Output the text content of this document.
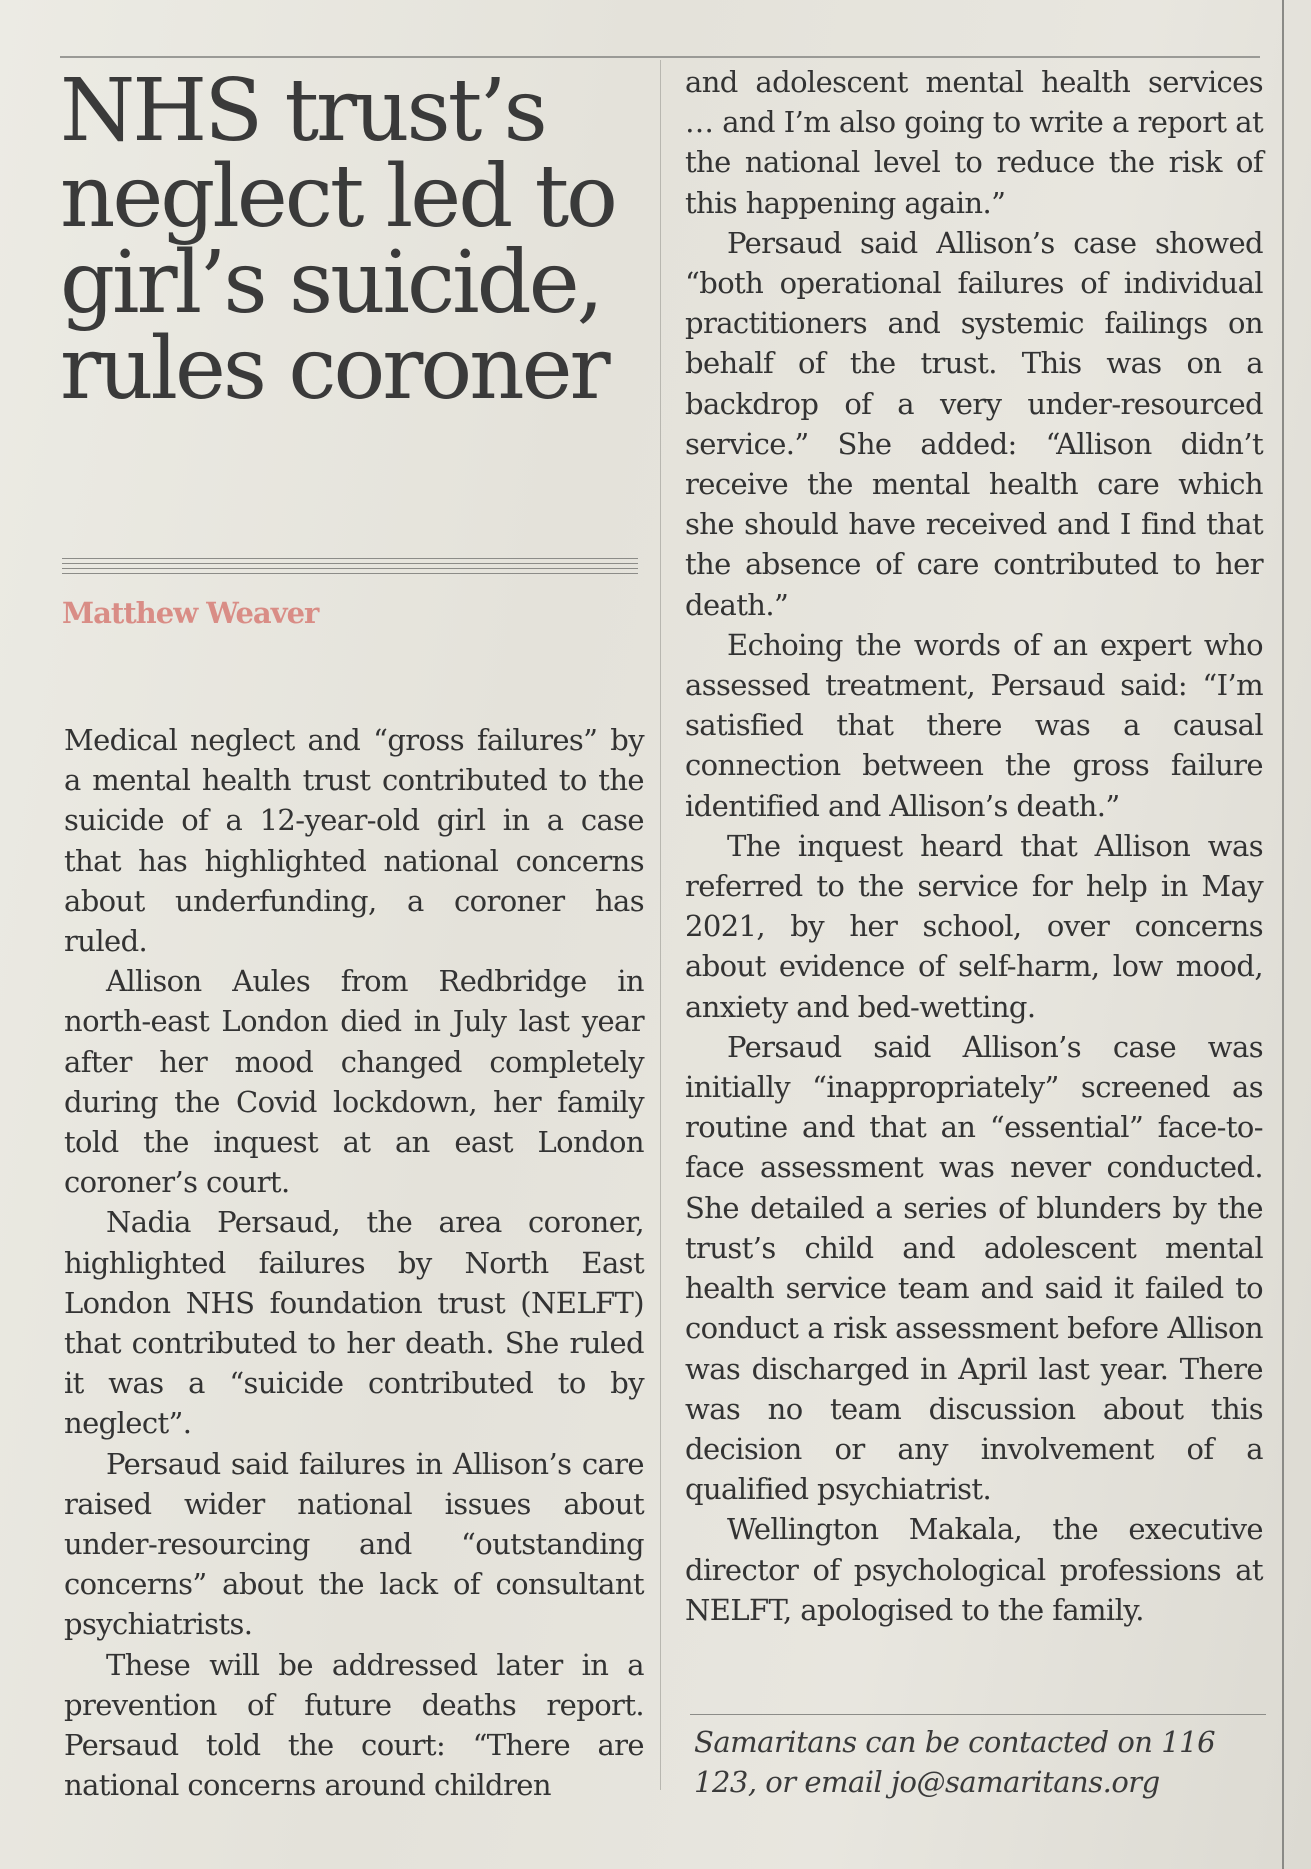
NHS trust’s
neglect led to
girl’s suicide,
rules coroner
Matthew Weaver

Medical neglect and “gross failures” by a mental health trust contributed to the suicide of a 12-year-old girl in a case that has highlighted national concerns about underfunding, a coroner has ruled.

Allison Aules from Redbridge in north-east London died in July last year after her mood changed completely during the Covid lockdown, her family told the inquest at an east London coroner’s court.

Nadia Persaud, the area coroner, highlighted failures by North East London NHS foundation trust (NELFT) that contributed to her death. She ruled it was a “suicide contributed to by neglect”.

Persaud said failures in Allison’s care raised wider national issues about under-resourcing and “outstanding concerns” about the lack of consultant psychiatrists.

These will be addressed later in a prevention of future deaths report. Persaud told the court: “There are national concerns around children

and adolescent mental health services … and I’m also going to write a report at the national level to reduce the risk of this happening again.”

Persaud said Allison’s case showed “both operational failures of individual practitioners and systemic failings on behalf of the trust. This was on a backdrop of a very under-resourced service.” She added: “Allison didn’t receive the mental health care which she should have received and I find that the absence of care contributed to her death.”

Echoing the words of an expert who assessed treatment, Persaud said: “I’m satisfied that there was a causal connection between the gross failure identified and Allison’s death.”

The inquest heard that Allison was referred to the service for help in May 2021, by her school, over concerns about evidence of self-harm, low mood, anxiety and bed-wetting.

Persaud said Allison’s case was initially “inappropriately” screened as routine and that an “essential” face-to-face assessment was never conducted. She detailed a series of blunders by the trust’s child and adolescent mental health service team and said it failed to conduct a risk assessment before Allison was discharged in April last year. There was no team discussion about this decision or any involvement of a qualified psychiatrist.

Wellington Makala, the executive director of psychological professions at NELFT, apologised to the family.

Samaritans can be contacted on 116 123, or email jo@samaritans.org
